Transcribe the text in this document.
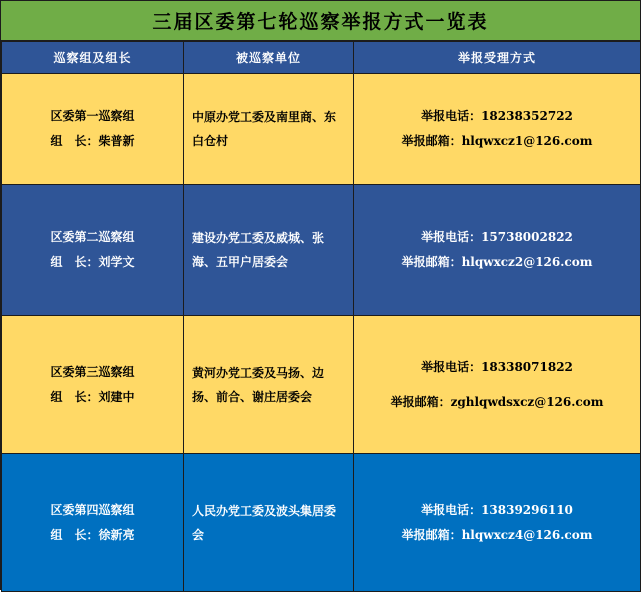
三届区委第七轮巡察举报方式一览表
巡察组及组长	被巡察单位	举报受理方式

区委第一巡察组
组　长：柴普新	中原办党工委及南里商、东白仓村	举报电话：18238352722
举报邮箱：hlqwxcz1@126.com

区委第二巡察组
组　长：刘学文	建设办党工委及威城、张海、五甲户居委会	举报电话：15738002822
举报邮箱：hlqwxcz2@126.com

区委第三巡察组
组　长：刘建中	黄河办党工委及马扬、边扬、前合、谢庄居委会	举报电话：18338071822
举报邮箱：zghlqwdsxcz@126.com

区委第四巡察组
组　长：徐新亮	人民办党工委及波头集居委会	举报电话：13839296110
举报邮箱：hlqwxcz4@126.com
